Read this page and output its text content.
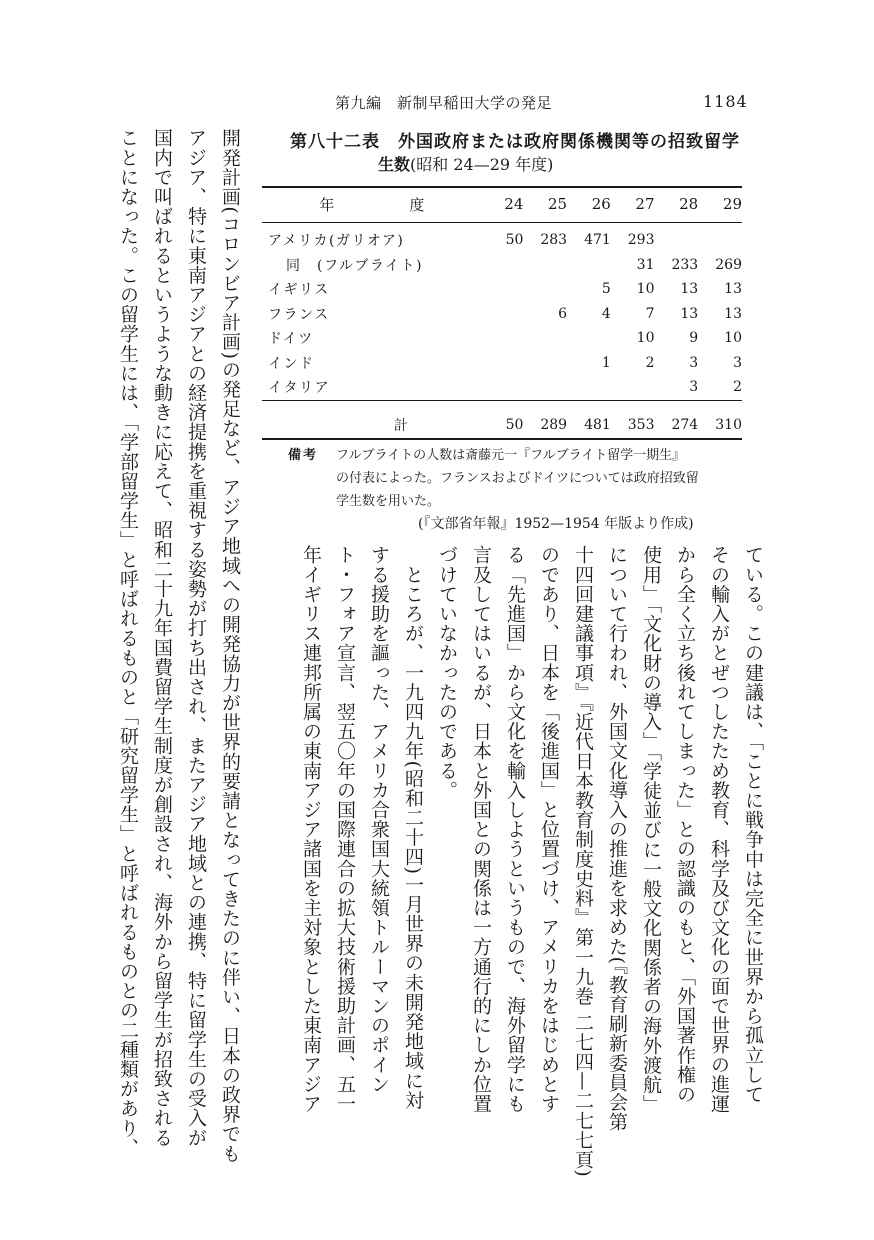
第九編　新制早稲田大学の発足	1184
第八十二表　外国政府または政府関係機関等の招致留学
生数(昭和 24—29 年度)
年　度	24	25	26	27	28	29

アメリカ(ガリオア)	50	283	471	293		
同　(フルブライト)				31	233	269
イギリス			5	10	13	13
フランス		6	4	7	13	13
ドイツ				10	9	10
インド			1	2	3	3
イタリア					3	2

計	50	289	481	353	274	310
備考 フルブライトの人数は斎藤元一『フルブライト留学一期生』
の付表によった。フランスおよびドイツについては政府招致留
学生数を用いた。
(『文部省年報』1952—1954 年版より作成)
ている。この建議は、「ことに戦争中は完全に世界から孤立して
その輸入がとぜつしたため教育、科学及び文化の面で世界の進運
から全く立ち後れてしまった」との認識のもと、「外国著作権の
使用」「文化財の導入」「学徒並びに一般文化関係者の海外渡航」
について行われ、外国文化導入の推進を求めた(『教育刷新委員会第
十四回建議事項』『近代日本教育制度史料』第一九巻 二七四—二七七頁)
のであり、日本を「後進国」と位置づけ、アメリカをはじめとす
る「先進国」から文化を輸入しようというもので、海外留学にも
言及してはいるが、日本と外国との関係は一方通行的にしか位置
づけていなかったのである。
　ところが、一九四九年(昭和二十四)一月世界の未開発地域に対
する援助を謳った、アメリカ合衆国大統領トルーマンのポイン
ト・フォア宣言、翌五〇年の国際連合の拡大技術援助計画、五一
年イギリス連邦所属の東南アジア諸国を主対象とした東南アジア
開発計画(コロンビア計画)の発足など、アジア地域への開発協力が世界的要請となってきたのに伴い、日本の政界でも
アジア、特に東南アジアとの経済提携を重視する姿勢が打ち出され、またアジア地域との連携、特に留学生の受入が
国内で叫ばれるというような動きに応えて、昭和二十九年国費留学生制度が創設され、海外から留学生が招致される
ことになった。この留学生には、「学部留学生」と呼ばれるものと「研究留学生」と呼ばれるものとの二種類があり、
